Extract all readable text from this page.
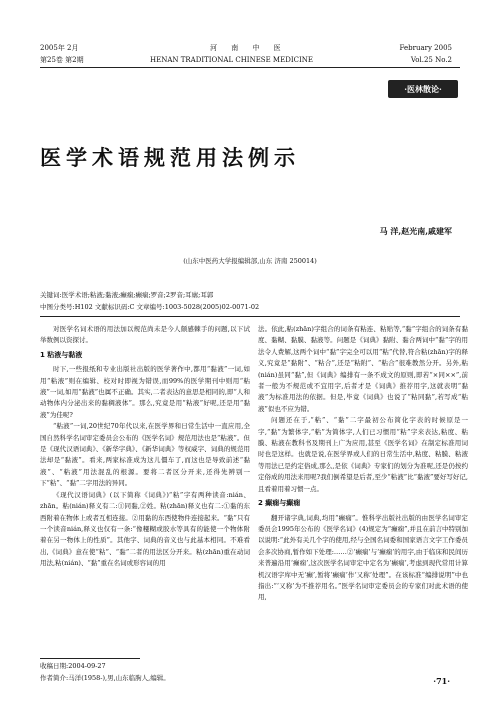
2005年 2月	河 南 中 医	February 2005
第25卷 第2期	HENAN TRADITIONAL CHINESE MEDICINE	Vol.25 No.2
·医林散论·
医学术语规范用法例示
马 洋,赵光南,戚建军
(山东中医药大学报编辑部,山东 济南 250014)
关键词:医学术语;粘液;黏液;癫痫;癫痫;罗音;2罗音;耳廓;耳郭
中图分类号:H102 文献标识码:C 文章编号:1003-5028(2005)02-0071-02

对医学名词术语的用法加以规范尚未是今人颇感棘手的问题,以下试举数例以资探讨。

1 粘液与黏液

时下,一些报纸和专业出版社出版的医学著作中,都用“黏液”一词,如用“粘液”则在编辑、校对时即视为错误,而99%的医学期刊中则用“粘液”一词,如用“黏液”也属不正确。其实,二者表达的意思是相同的,即“人和动物体内分泌出来的黏稠液体”。那么,究竟是用“粘液”好呢,还是用“黏液”为佳呢?

“粘液”一词,20世纪70年代以来,在医学界和日常生活中一直应用,全国自然科学名词审定委员会公布的《医学名词》规范用法也是“粘液”。但是《现代汉语词典》、《新华字典》、《新华词典》等权威字、词典的规范用法却是“黏液”。看来,两家标准成为这儿僵车了,而这也是导致前述“黏液”、“粘液”用法混乱的根源。要将二者区分开来,还得先辨别一下“粘”、“黏”二字用法的异同。

《现代汉语词典》(以下简称《词典》)“粘”字有两种读音:nián、zhān。粘(nián)释义有二:①同黏,②姓。粘(zhān)释义也有二:①黏的东西附着在物体上或者互相连接。②用黏的东西使物件连接起来。“黏”只有一个读音nián,释义也仅有一条:“像糨糊或胶水等具有的能使一个物体附着在另一物体上的性质”。其他字、词典的音义也与此基本相同。不难看出,《词典》意在使“粘”、“黏”二者的用法区分开来。粘(zhān)重在动词用法,粘(nián)、“黏”重在名词或形容词的用

法。依此,粘(zhān)字组合的词条有粘连、粘贴等,“黏”字组合的词条有黏度、黏糊、黏膜、黏液等。问题是《词典》黏附、黏合两词中“黏”字的用法令人费解,这两个词中“黏”字完全可以用“粘”代替,符合粘(zhān)字的释义,究竟是“黏附”、“粘合”,还是“粘附”、“粘合”很难教然分开。另外,粘(nián)虽同“黏”,但《词典》编排有一条不成文的原则,即若“×同××”,前者一般为不规范或不宜用字,后者才是《词典》推荐用字,这就表明“黏液”为标准用法的依据。但是,毕竟《词典》也说了“粘同黏”,若写成“粘液”似也不应为错。

问题还在于,“粘”、“黏”二字最初公布简化字表的时候原是一字,“黏”为繁体字,“粘”为简体字,人们已习惯用“粘”字来表达,粘度、粘膜、粘液在教科书及期刊上广为应用,甚至《医学名词》在制定标准用词时也是这样。也就是说,在医学界或人们的日常生活中,粘度、粘膜、粘液等用法已是约定俗成,那么,是依《词典》专家们的划分为准呢,还是仍按约定俗成的用法来用呢?我们倒希望是后者,至少“粘液”比“黏液”要好写好记,且看着用着习惯一点。

2 癫痫与癫痫

翻开诸字典,词典,均用“癫痫”。惟科学出版社出版的由医学名词审定委员会1995年公布的《医学名词》(4)规定为“癫痫”,并且在前言中特别加以说明:“此外有关几个字的使用,经与全国名词委和国家语言文字工作委员会多次协商,暂作如下处理:……②‘癫痫’与‘癫痫’的用字,由于临床和民间历来普遍沿用‘癫痫’,这次医学名词审定中定名为‘癫痫’,考虑到现代常用计算机汉语字库中无‘癫’,暂将‘癫痫’作‘又称’处理”。在该标准“编排说明”中也指出:“‘又称’为不推荐用名。”医学名词审定委员会的专家们对此术语的使用,

收稿日期:2004-09-27
作者简介:马洋(1958-),男,山东临朐人,编辑。	·71·
